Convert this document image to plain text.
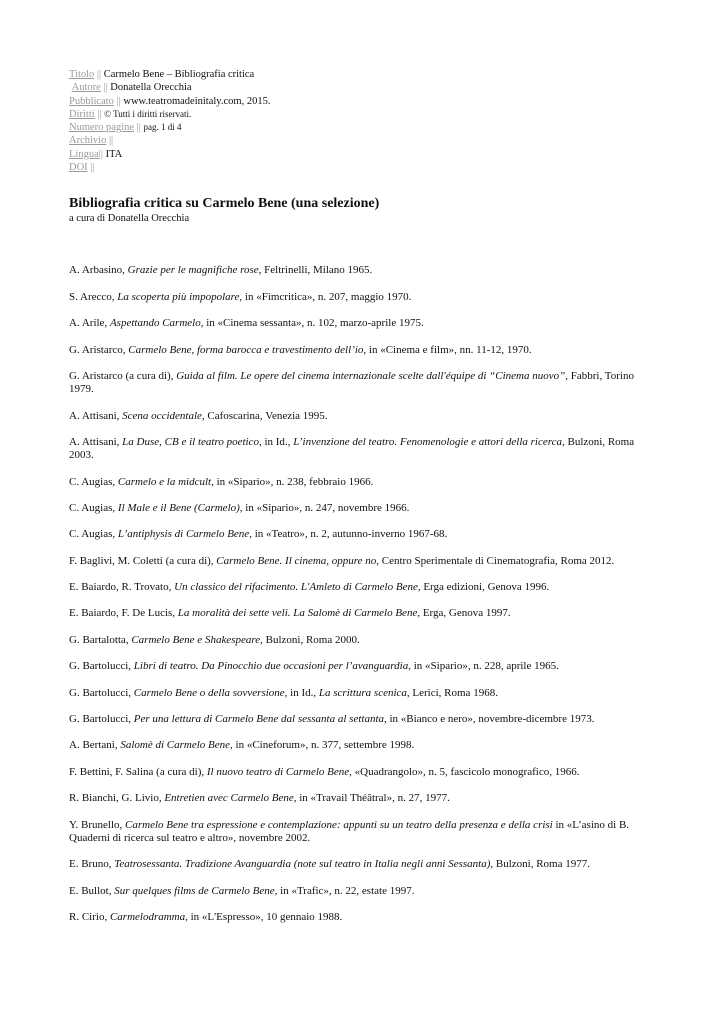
Titolo || Carmelo Bene – Bibliografia critica
Autore || Donatella Orecchia
Pubblicato || www.teatromadeinitaly.com, 2015.
Diritti || © Tutti i diritti riservati.
Numero pagine || pag. 1 di 4
Archivio ||
Lingua|| ITA
DOI ||
Bibliografia critica su Carmelo Bene (una selezione)
a cura di Donatella Orecchia
A. Arbasino, Grazie per le magnifiche rose, Feltrinelli, Milano 1965.
S. Arecco, La scoperta più impopolare, in «Fimcritica», n. 207, maggio 1970.
A. Arile, Aspettando Carmelo, in «Cinema sessanta», n. 102, marzo-aprile 1975.
G. Aristarco, Carmelo Bene, forma barocca e travestimento dell’io, in «Cinema e film», nn. 11-12, 1970.
G. Aristarco (a cura di), Guida al film. Le opere del cinema internazionale scelte dall'équipe di “Cinema nuovo”, Fabbri, Torino 1979.
A. Attisani, Scena occidentale, Cafoscarina, Venezia 1995.
A. Attisani, La Duse, CB e il teatro poetico, in Id., L’invenzione del teatro. Fenomenologie e attori della ricerca, Bulzoni, Roma 2003.
C. Augias, Carmelo e la midcult, in «Sipario», n. 238, febbraio 1966.
C. Augias, Il Male e il Bene (Carmelo), in «Sipario», n. 247, novembre 1966.
C. Augias, L’antiphysis di Carmelo Bene, in «Teatro», n. 2, autunno-inverno 1967-68.
F. Baglivi, M. Coletti (a cura di), Carmelo Bene. Il cinema, oppure no, Centro Sperimentale di Cinematografia, Roma 2012.
E. Baiardo, R. Trovato, Un classico del rifacimento. L'Amleto di Carmelo Bene, Erga edizioni, Genova 1996.
E. Baiardo, F. De Lucis, La moralità dei sette veli. La Salomè di Carmelo Bene, Erga, Genova 1997.
G. Bartalotta, Carmelo Bene e Shakespeare, Bulzoni, Roma 2000.
G. Bartolucci, Libri di teatro. Da Pinocchio due occasioni per l’avanguardia, in «Sipario», n. 228, aprile 1965.
G. Bartolucci, Carmelo Bene o della sovversione, in Id., La scrittura scenica, Lerici, Roma 1968.
G. Bartolucci, Per una lettura di Carmelo Bene dal sessanta al settanta, in «Bianco e nero», novembre-dicembre 1973.
A. Bertani, Salomè di Carmelo Bene, in «Cineforum», n. 377, settembre 1998.
F. Bettini, F. Salina (a cura di), Il nuovo teatro di Carmelo Bene, «Quadrangolo», n. 5, fascicolo monografico, 1966.
R. Bianchi, G. Livio, Entretien avec Carmelo Bene, in «Travail Théâtral», n. 27, 1977.
Y. Brunello, Carmelo Bene tra espressione e contemplazione: appunti su un teatro della presenza e della crisi in «L’asino di B. Quaderni di ricerca sul teatro e altro», novembre 2002.
E. Bruno, Teatrosessanta. Tradizione Avanguardia (note sul teatro in Italia negli anni Sessanta), Bulzoni, Roma 1977.
E. Bullot, Sur quelques films de Carmelo Bene, in «Trafic», n. 22, estate 1997.
R. Cirio, Carmelodramma, in «L'Espresso», 10 gennaio 1988.
